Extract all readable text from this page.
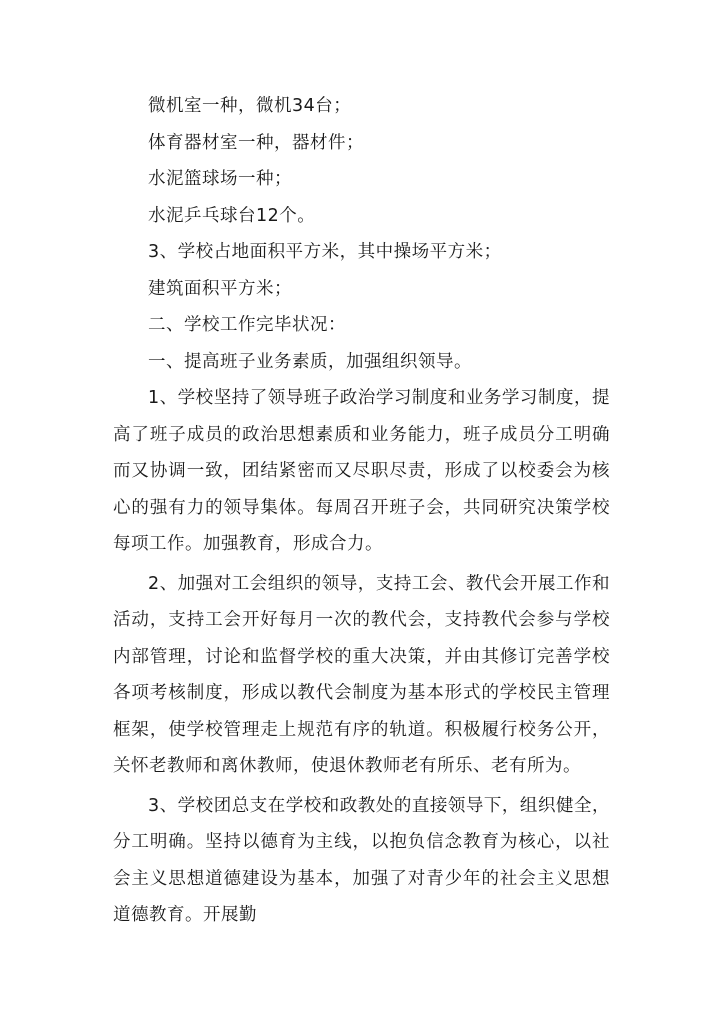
微机室一种，微机34台；
体育器材室一种，器材件；
水泥篮球场一种；
水泥乒乓球台12个。
3、学校占地面积平方米，其中操场平方米；
建筑面积平方米；
二、学校工作完毕状况：
一、提高班子业务素质，加强组织领导。

1、学校坚持了领导班子政治学习制度和业务学习制度，提高了班子成员的政治思想素质和业务能力，班子成员分工明确而又协调一致，团结紧密而又尽职尽责，形成了以校委会为核心的强有力的领导集体。每周召开班子会，共同研究决策学校每项工作。加强教育，形成合力。

2、加强对工会组织的领导，支持工会、教代会开展工作和活动，支持工会开好每月一次的教代会，支持教代会参与学校内部管理，讨论和监督学校的重大决策，并由其修订完善学校各项考核制度，形成以教代会制度为基本形式的学校民主管理框架，使学校管理走上规范有序的轨道。积极履行校务公开，关怀老教师和离休教师，使退休教师老有所乐、老有所为。

3、学校团总支在学校和政教处的直接领导下，组织健全，分工明确。坚持以德育为主线，以抱负信念教育为核心，以社会主义思想道德建设为基本，加强了对青少年的社会主义思想道德教育。开展勤
